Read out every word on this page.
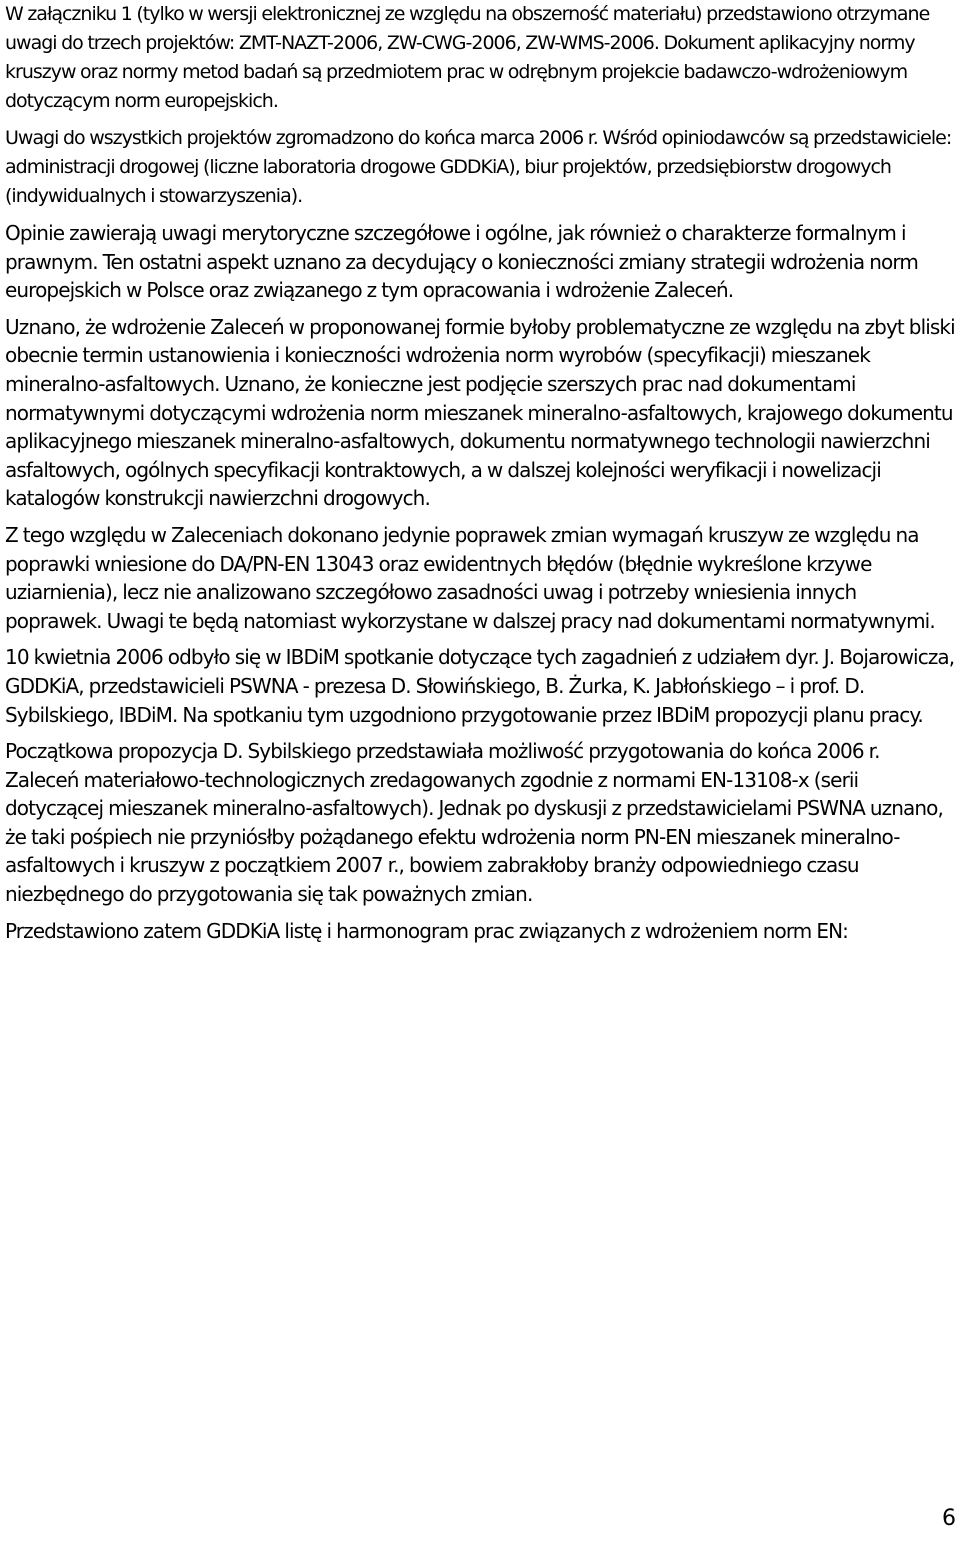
W załączniku 1 (tylko w wersji elektronicznej ze względu na obszerność materiału) przedstawiono otrzymane uwagi do trzech projektów: ZMT-NAZT-2006, ZW-CWG-2006, ZW-WMS-2006. Dokument aplikacyjny normy kruszyw oraz normy metod badań są przedmiotem prac w odrębnym projekcie badawczo-wdrożeniowym dotyczącym norm europejskich.

Uwagi do wszystkich projektów zgromadzono do końca marca 2006 r. Wśród opiniodawców są przedstawiciele: administracji drogowej (liczne laboratoria drogowe GDDKiA), biur projektów, przedsiębiorstw drogowych (indywidualnych i stowarzyszenia).

Opinie zawierają uwagi merytoryczne szczegółowe i ogólne, jak również o charakterze formalnym i prawnym. Ten ostatni aspekt uznano za decydujący o konieczności zmiany strategii wdrożenia norm europejskich w Polsce oraz związanego z tym opracowania i wdrożenie Zaleceń.

Uznano, że wdrożenie Zaleceń w proponowanej formie byłoby problematyczne ze względu na zbyt bliski obecnie termin ustanowienia i konieczności wdrożenia norm wyrobów (specyfikacji) mieszanek mineralno-asfaltowych. Uznano, że konieczne jest podjęcie szerszych prac nad dokumentami normatywnymi dotyczącymi wdrożenia norm mieszanek mineralno-asfaltowych, krajowego dokumentu aplikacyjnego mieszanek mineralno-asfaltowych, dokumentu normatywnego technologii nawierzchni asfaltowych, ogólnych specyfikacji kontraktowych, a w dalszej kolejności weryfikacji i nowelizacji katalogów konstrukcji nawierzchni drogowych.

Z tego względu w Zaleceniach dokonano jedynie poprawek zmian wymagań kruszyw ze względu na poprawki wniesione do DA/PN-EN 13043 oraz ewidentnych błędów (błędnie wykreślone krzywe uziarnienia), lecz nie analizowano szczegółowo zasadności uwag i potrzeby wniesienia innych poprawek. Uwagi te będą natomiast wykorzystane w dalszej pracy nad dokumentami normatywnymi.

10 kwietnia 2006 odbyło się w IBDiM spotkanie dotyczące tych zagadnień z udziałem dyr. J. Bojarowicza, GDDKiA, przedstawicieli PSWNA - prezesa D. Słowińskiego, B. Żurka, K. Jabłońskiego – i prof. D. Sybilskiego, IBDiM. Na spotkaniu tym uzgodniono przygotowanie przez IBDiM propozycji planu pracy.

Początkowa propozycja D. Sybilskiego przedstawiała możliwość przygotowania do końca 2006 r. Zaleceń materiałowo-technologicznych zredagowanych zgodnie z normami EN-13108-x (serii dotyczącej mieszanek mineralno-asfaltowych). Jednak po dyskusji z przedstawicielami PSWNA uznano, że taki pośpiech nie przyniósłby pożądanego efektu wdrożenia norm PN-EN mieszanek mineralno-asfaltowych i kruszyw z początkiem 2007 r., bowiem zabrakłoby branży odpowiedniego czasu niezbędnego do przygotowania się tak poważnych zmian.

Przedstawiono zatem GDDKiA listę i harmonogram prac związanych z wdrożeniem norm EN:

6
